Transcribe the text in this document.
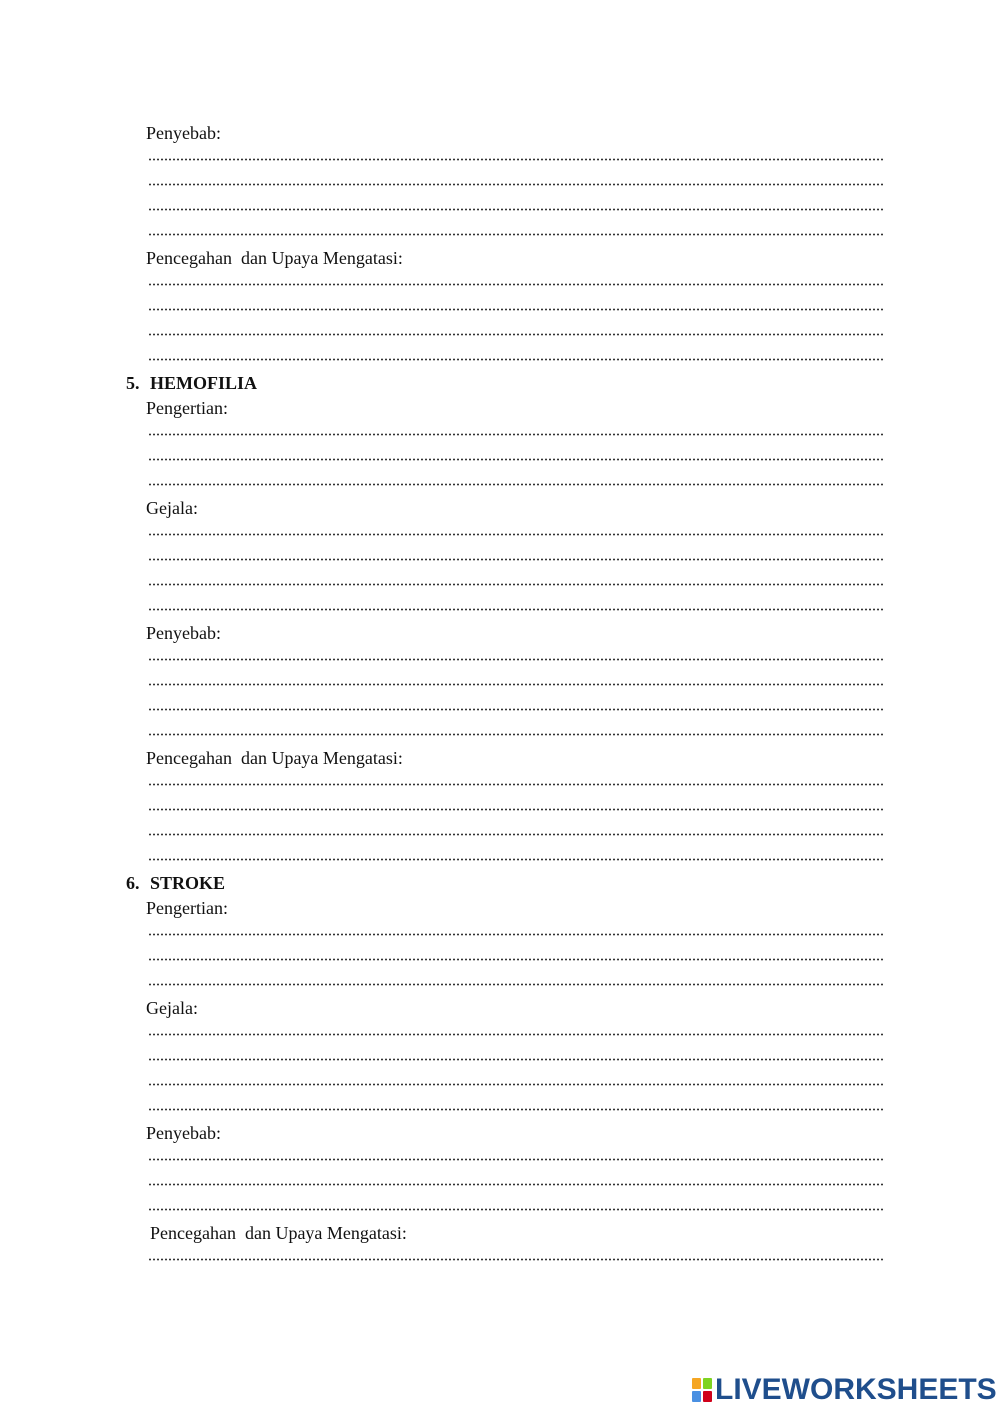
Penyebab:
Pencegahan  dan Upaya Mengatasi:
5. HEMOFILIA
Pengertian:
Gejala:
Penyebab:
Pencegahan  dan Upaya Mengatasi:
6. STROKE
Pengertian:
Gejala:
Penyebab:
Pencegahan  dan Upaya Mengatasi:
LIVEWORKSHEETS
